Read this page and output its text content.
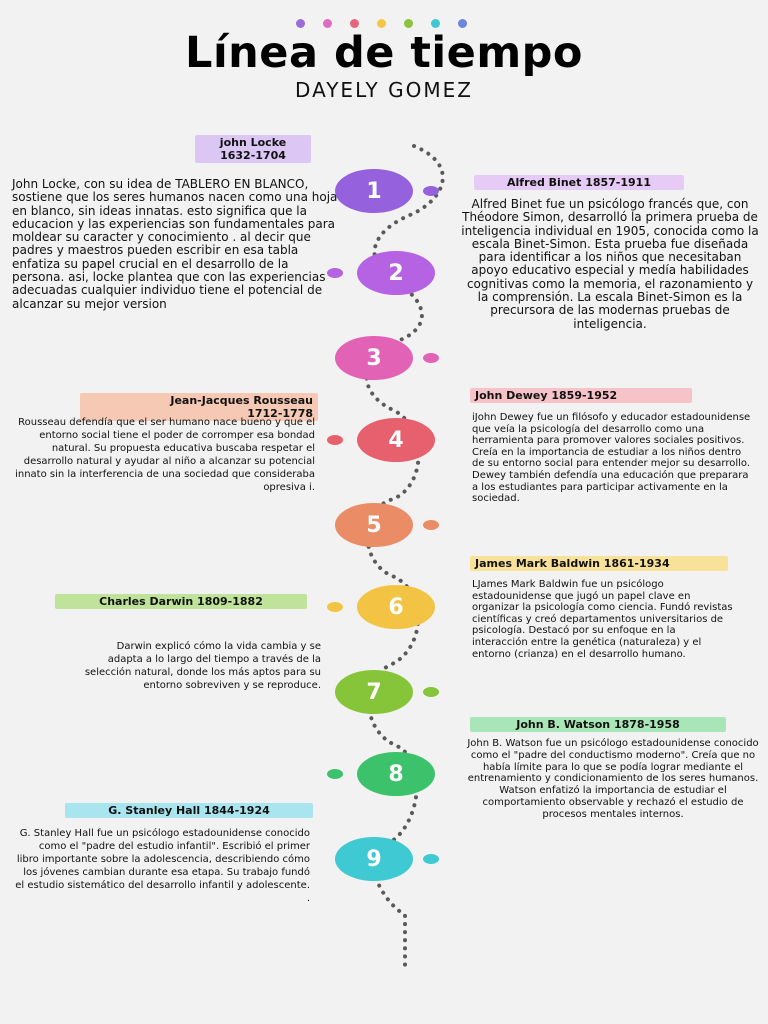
Línea de tiempo
DAYELY GOMEZ
1
2
3
4
5
6
7
8
9
john Locke
1632-1704
John Locke, con su idea de TABLERO EN BLANCO, sostiene que los seres humanos nacen como una hoja en blanco, sin ideas innatas. esto significa que la educacion y las experiencias son fundamentales para moldear su caracter y conocimiento . al decir que padres y maestros pueden escribir en esa tabla enfatiza su papel crucial en el desarrollo de la persona. asi, locke plantea que con las experiencias adecuadas cualquier individuo tiene el potencial de alcanzar su mejor version
Alfred Binet 1857-1911
Alfred Binet fue un psicólogo francés que, con Théodore Simon, desarrolló la primera prueba de inteligencia individual en 1905, conocida como la escala Binet-Simon. Esta prueba fue diseñada para identificar a los niños que necesitaban apoyo educativo especial y medía habilidades cognitivas como la memoria, el razonamiento y la comprensión. La escala Binet-Simon es la precursora de las modernas pruebas de inteligencia.
Jean-Jacques Rousseau
1712-1778
Rousseau defendía que el ser humano nace bueno y que el entorno social tiene el poder de corromper esa bondad natural. Su propuesta educativa buscaba respetar el desarrollo natural y ayudar al niño a alcanzar su potencial innato sin la interferencia de una sociedad que consideraba opresiva i.
John Dewey 1859-1952
iJohn Dewey fue un filósofo y educador estadounidense que veía la psicología del desarrollo como una herramienta para promover valores sociales positivos. Creía en la importancia de estudiar a los niños dentro de su entorno social para entender mejor su desarrollo. Dewey también defendía una educación que preparara a los estudiantes para participar activamente en la sociedad.
James Mark Baldwin 1861-1934
LJames Mark Baldwin fue un psicólogo estadounidense que jugó un papel clave en organizar la psicología como ciencia. Fundó revistas científicas y creó departamentos universitarios de psicología. Destacó por su enfoque en la interacción entre la genética (naturaleza) y el entorno (crianza) en el desarrollo humano.
Charles Darwin 1809-1882
Darwin explicó cómo la vida cambia y se adapta a lo largo del tiempo a través de la selección natural, donde los más aptos para su entorno sobreviven y se reproduce.
John B. Watson 1878-1958
John B. Watson fue un psicólogo estadounidense conocido como el "padre del conductismo moderno". Creía que no había límite para lo que se podía lograr mediante el entrenamiento y condicionamiento de los seres humanos. Watson enfatizó la importancia de estudiar el comportamiento observable y rechazó el estudio de procesos mentales internos.
G. Stanley Hall 1844-1924
G. Stanley Hall fue un psicólogo estadounidense conocido como el "padre del estudio infantil". Escribió el primer libro importante sobre la adolescencia, describiendo cómo los jóvenes cambian durante esa etapa. Su trabajo fundó el estudio sistemático del desarrollo infantil y adolescente. .
